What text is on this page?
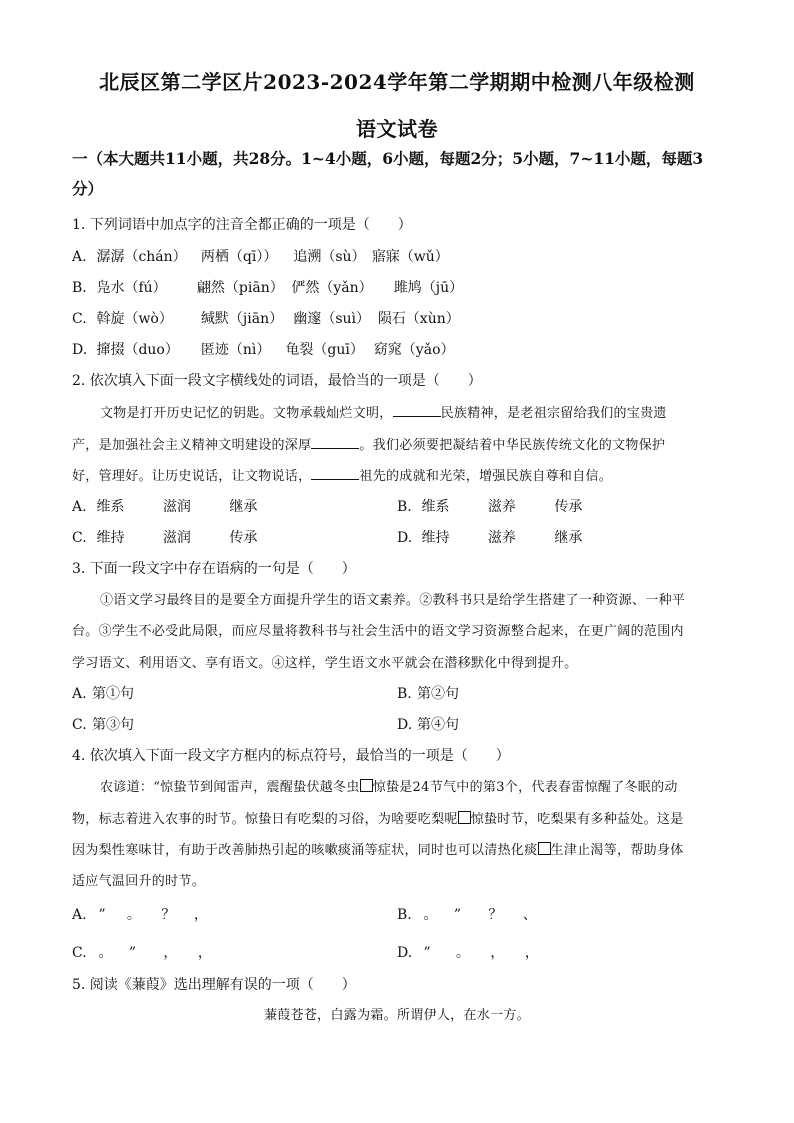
北辰区第二学区片2023-2024学年第二学期期中检测八年级检测
语文试卷
一（本大题共11小题，共28分。1~4小题，6小题，每题2分；5小题，7~11小题，每题3分）
1. 下列词语中加点字的注音全都正确的一项是（　　）
A. 潺潺（chán） 两栖（qī）） 追溯（sù） 寤寐（wǔ）
B. 凫水（fú） 翩然（piān） 俨然（yǎn） 雎鸠（jū）
C. 斡旋（wò） 缄默（jiān） 幽邃（suì） 陨石（xùn）
D. 撺掇（duo） 匿迹（nì） 龟裂（guī） 窈窕（yǎo）
2. 依次填入下面一段文字横线处的词语，最恰当的一项是（　　）
文物是打开历史记忆的钥匙。文物承载灿烂文明，	民族精神，是老祖宗留给我们的宝贵遗
产，是加强社会主义精神文明建设的深厚	。我们必须要把凝结着中华民族传统文化的文物保护
好，管理好。让历史说话，让文物说话，	祖先的成就和光荣，增强民族自尊和自信。
A. 维系	滋润	继承	B. 维系	滋养	传承
C. 维持	滋润	传承	D. 维持	滋养	继承
3. 下面一段文字中存在语病的一句是（　　）
①语文学习最终目的是要全方面提升学生的语文素养。②教科书只是给学生搭建了一种资源、一种平
台。③学生不必受此局限，而应尽量将教科书与社会生活中的语文学习资源整合起来，在更广阔的范围内
学习语文、利用语文、享有语文。④这样，学生语文水平就会在潜移默化中得到提升。
A. 第①句	B. 第②句
C. 第③句	D. 第④句
4. 依次填入下面一段文字方框内的标点符号，最恰当的一项是（　　）
农谚道：“惊蛰节到闻雷声，震醒蛰伏越冬虫 惊蛰是24节气中的第3个，代表春雷惊醒了冬眠的动
物，标志着进入农事的时节。惊蛰日有吃梨的习俗，为啥要吃梨呢 惊蛰时节，吃梨果有多种益处。这是
因为梨性寒味甘，有助于改善肺热引起的咳嗽痰涌等症状，同时也可以清热化痰 生津止渴等，帮助身体
适应气温回升的时节。
A. ” 。 ？ ，	B. 。 ” ？ 、
C. 。 ” ， ，	D. ” 。 ， ，
5. 阅读《蒹葭》选出理解有误的一项（　　）
蒹葭苍苍，白露为霜。所谓伊人，在水一方。
